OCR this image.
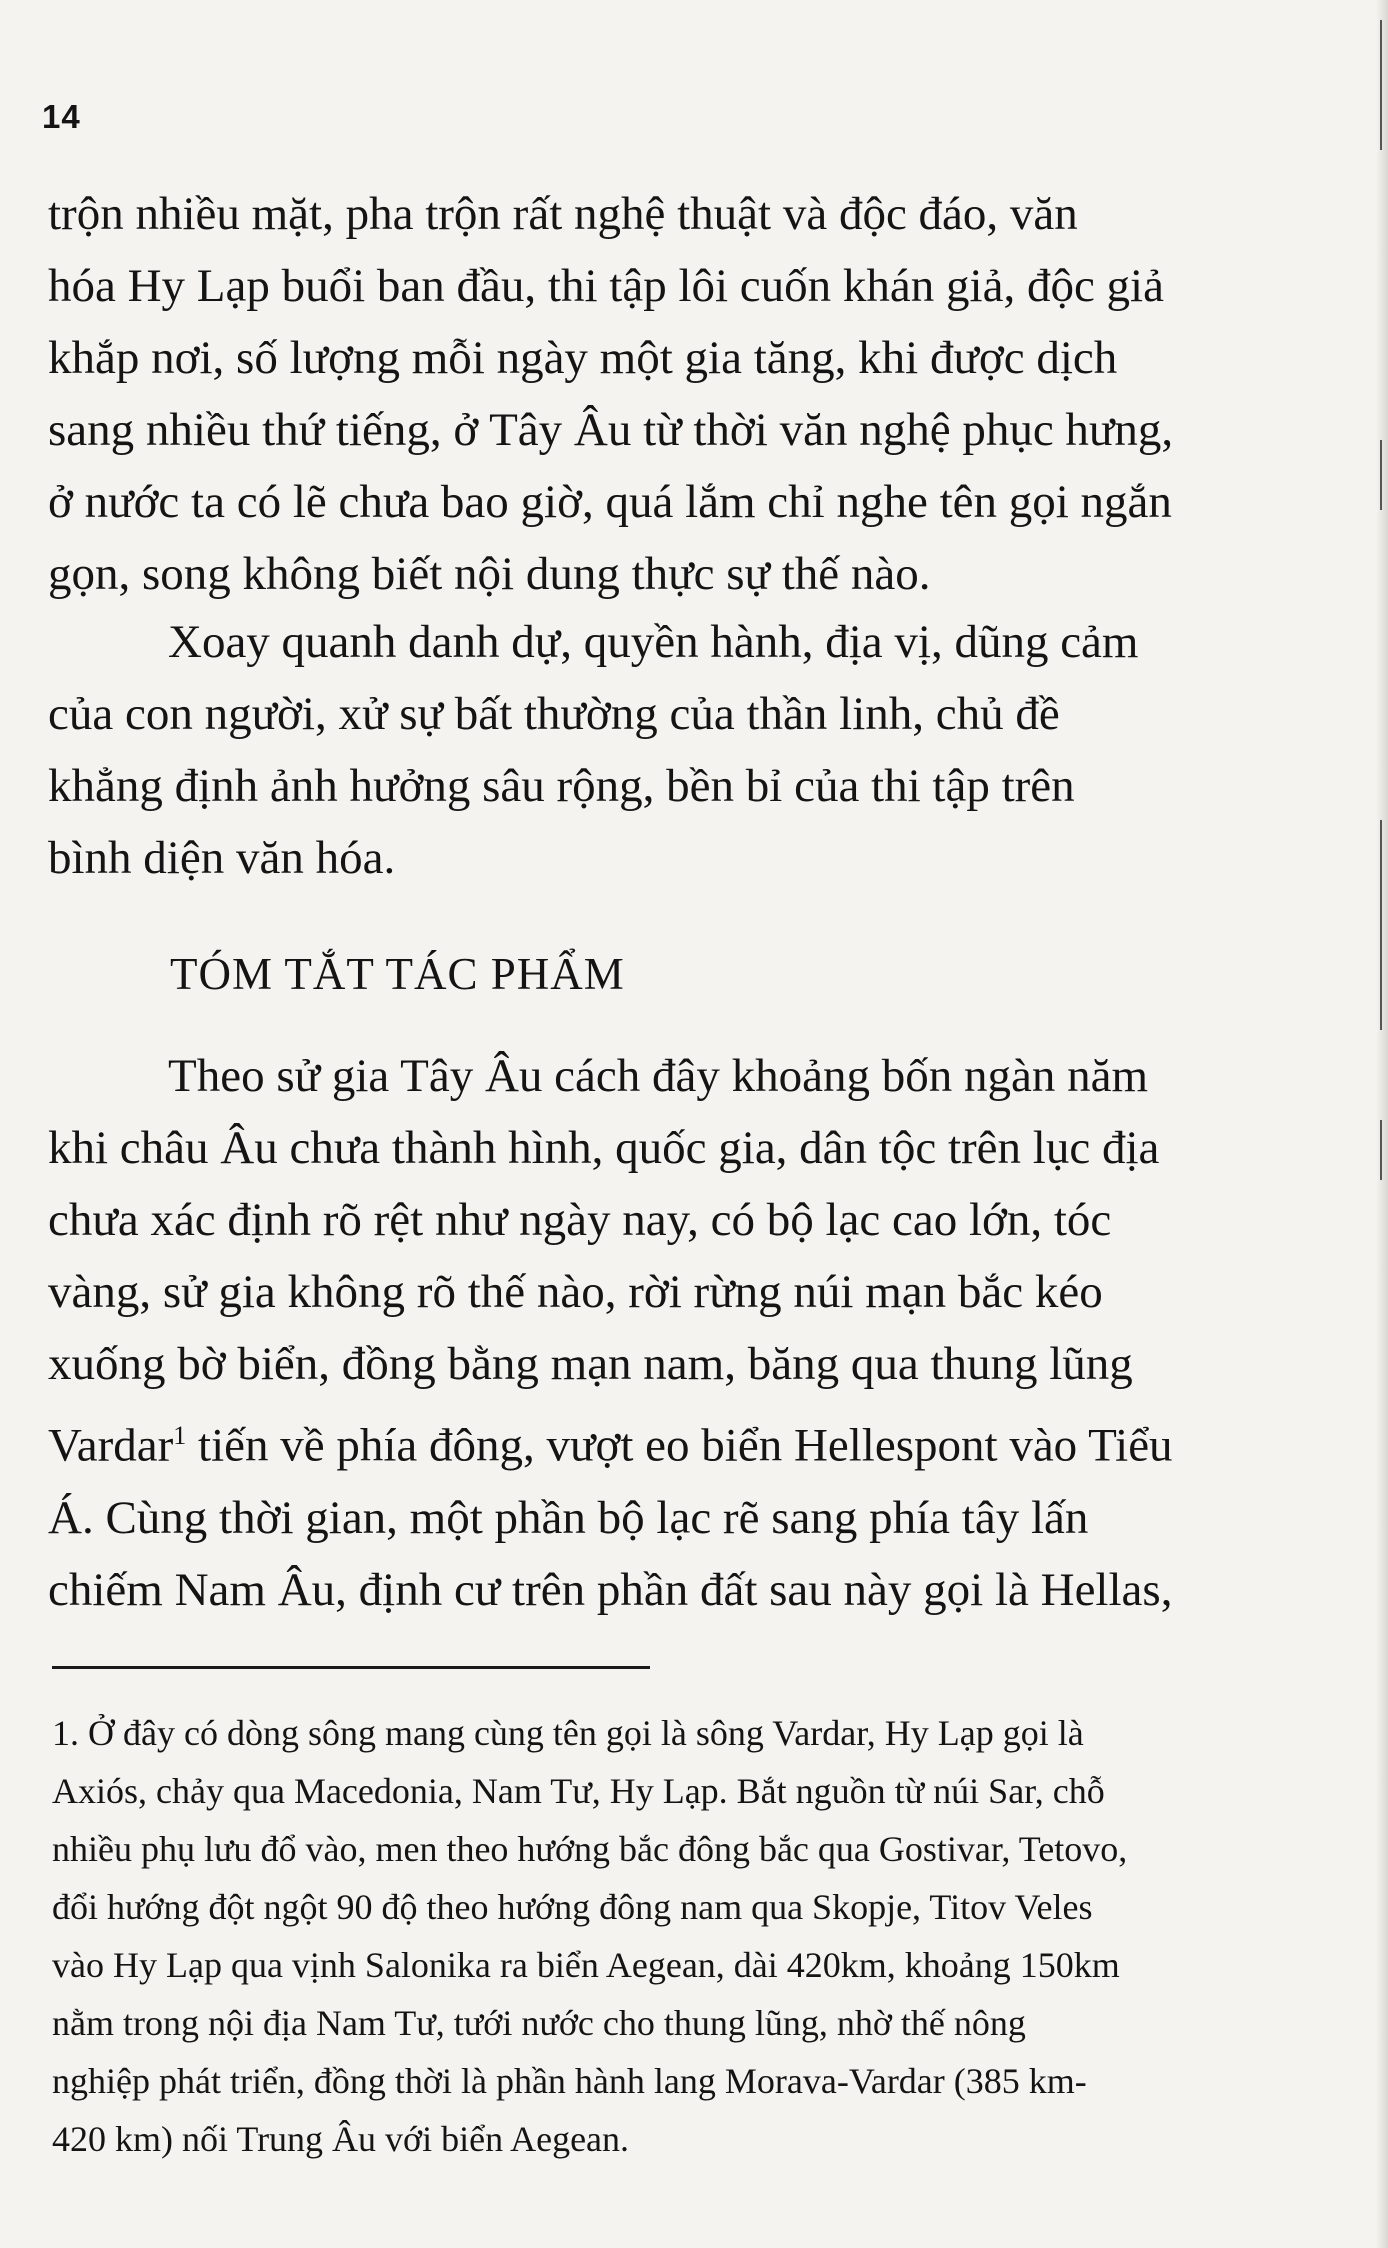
14
trộn nhiều mặt, pha trộn rất nghệ thuật và độc đáo, văn
hóa Hy Lạp buổi ban đầu, thi tập lôi cuốn khán giả, độc giả
khắp nơi, số lượng mỗi ngày một gia tăng, khi được dịch
sang nhiều thứ tiếng, ở Tây Âu từ thời văn nghệ phục hưng,
ở nước ta có lẽ chưa bao giờ, quá lắm chỉ nghe tên gọi ngắn
gọn, song không biết nội dung thực sự thế nào.
Xoay quanh danh dự, quyền hành, địa vị, dũng cảm
của con người, xử sự bất thường của thần linh, chủ đề
khẳng định ảnh hưởng sâu rộng, bền bỉ của thi tập trên
bình diện văn hóa.
TÓM TẮT TÁC PHẨM
Theo sử gia Tây Âu cách đây khoảng bốn ngàn năm
khi châu Âu chưa thành hình, quốc gia, dân tộc trên lục địa
chưa xác định rõ rệt như ngày nay, có bộ lạc cao lớn, tóc
vàng, sử gia không rõ thế nào, rời rừng núi mạn bắc kéo
xuống bờ biển, đồng bằng mạn nam, băng qua thung lũng
Vardar$^1$ tiến về phía đông, vượt eo biển Hellespont vào Tiểu
Á. Cùng thời gian, một phần bộ lạc rẽ sang phía tây lấn
chiếm Nam Âu, định cư trên phần đất sau này gọi là Hellas,
1. Ở đây có dòng sông mang cùng tên gọi là sông Vardar, Hy Lạp gọi là
Axiós, chảy qua Macedonia, Nam Tư, Hy Lạp. Bắt nguồn từ núi Sar, chỗ
nhiều phụ lưu đổ vào, men theo hướng bắc đông bắc qua Gostivar, Tetovo,
đổi hướng đột ngột 90 độ theo hướng đông nam qua Skopje, Titov Veles
vào Hy Lạp qua vịnh Salonika ra biển Aegean, dài 420km, khoảng 150km
nằm trong nội địa Nam Tư, tưới nước cho thung lũng, nhờ thế nông
nghiệp phát triển, đồng thời là phần hành lang Morava-Vardar (385 km-
420 km) nối Trung Âu với biển Aegean.
